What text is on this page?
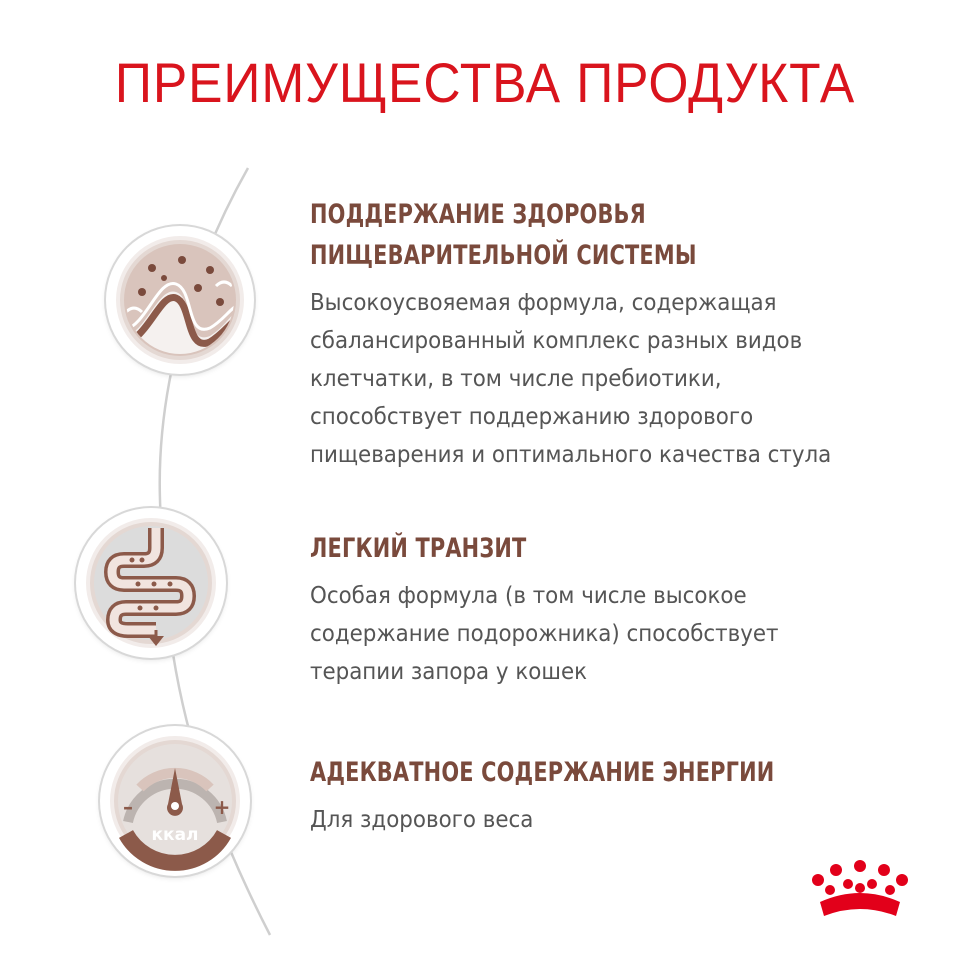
ПРЕИМУЩЕСТВА ПРОДУКТА
–	+
ккал
ПОДДЕРЖАНИЕ ЗДОРОВЬЯ
ПИЩЕВАРИТЕЛЬНОЙ СИСТЕМЫ

Высокоусвояемая формула, содержащая
сбалансированный комплекс разных видов
клетчатки, в том числе пребиотики,
способствует поддержанию здорового
пищеварения и оптимального качества стула

ЛЕГКИЙ ТРАНЗИТ

Особая формула (в том числе высокое
содержание подорожника) способствует
терапии запора у кошек

АДЕКВАТНОЕ СОДЕРЖАНИЕ ЭНЕРГИИ

Для здорового веса
